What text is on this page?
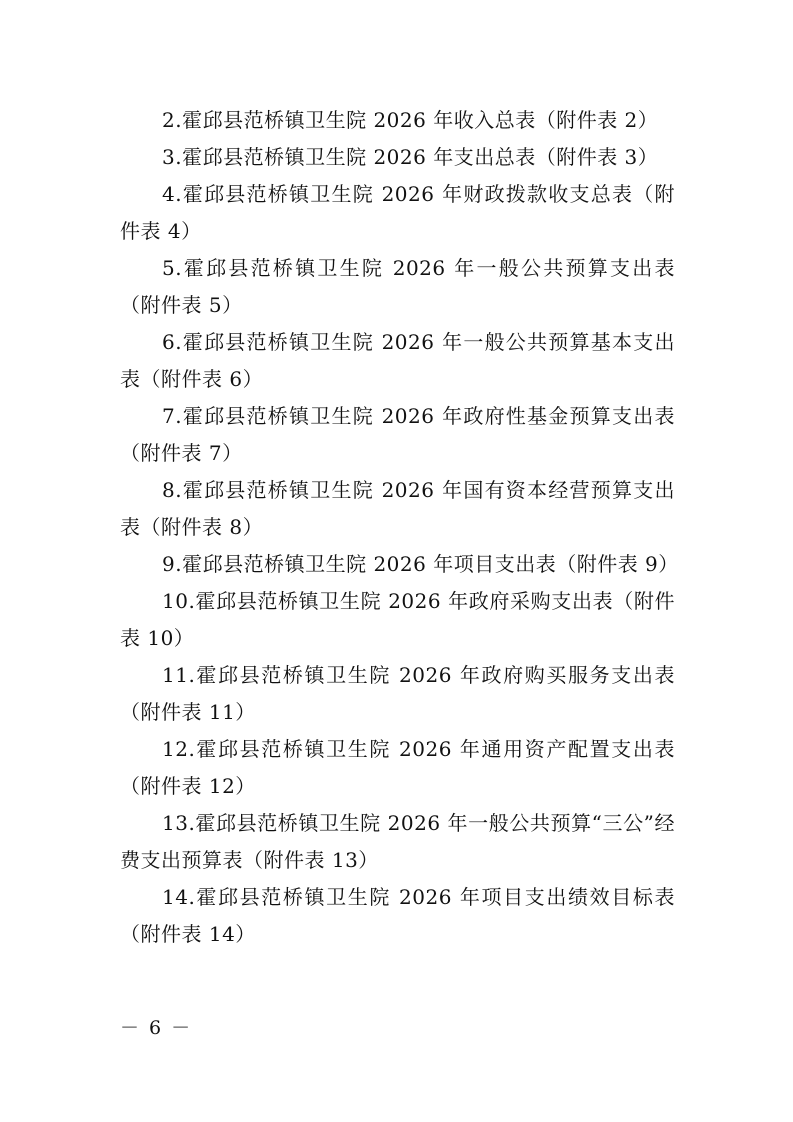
2.霍邱县范桥镇卫生院 2026 年收入总表（附件表 2）

3.霍邱县范桥镇卫生院 2026 年支出总表（附件表 3）

4.霍邱县范桥镇卫生院 2026 年财政拨款收支总表（附件表 4）

5.霍邱县范桥镇卫生院 2026 年一般公共预算支出表（附件表 5）

6.霍邱县范桥镇卫生院 2026 年一般公共预算基本支出表（附件表 6）

7.霍邱县范桥镇卫生院 2026 年政府性基金预算支出表（附件表 7）

8.霍邱县范桥镇卫生院 2026 年国有资本经营预算支出表（附件表 8）

9.霍邱县范桥镇卫生院 2026 年项目支出表（附件表 9）

10.霍邱县范桥镇卫生院 2026 年政府采购支出表（附件表 10）

11.霍邱县范桥镇卫生院 2026 年政府购买服务支出表（附件表 11）

12.霍邱县范桥镇卫生院 2026 年通用资产配置支出表（附件表 12）

13.霍邱县范桥镇卫生院 2026 年一般公共预算“三公”经费支出预算表（附件表 13）

14.霍邱县范桥镇卫生院 2026 年项目支出绩效目标表（附件表 14）

－ 6 －
